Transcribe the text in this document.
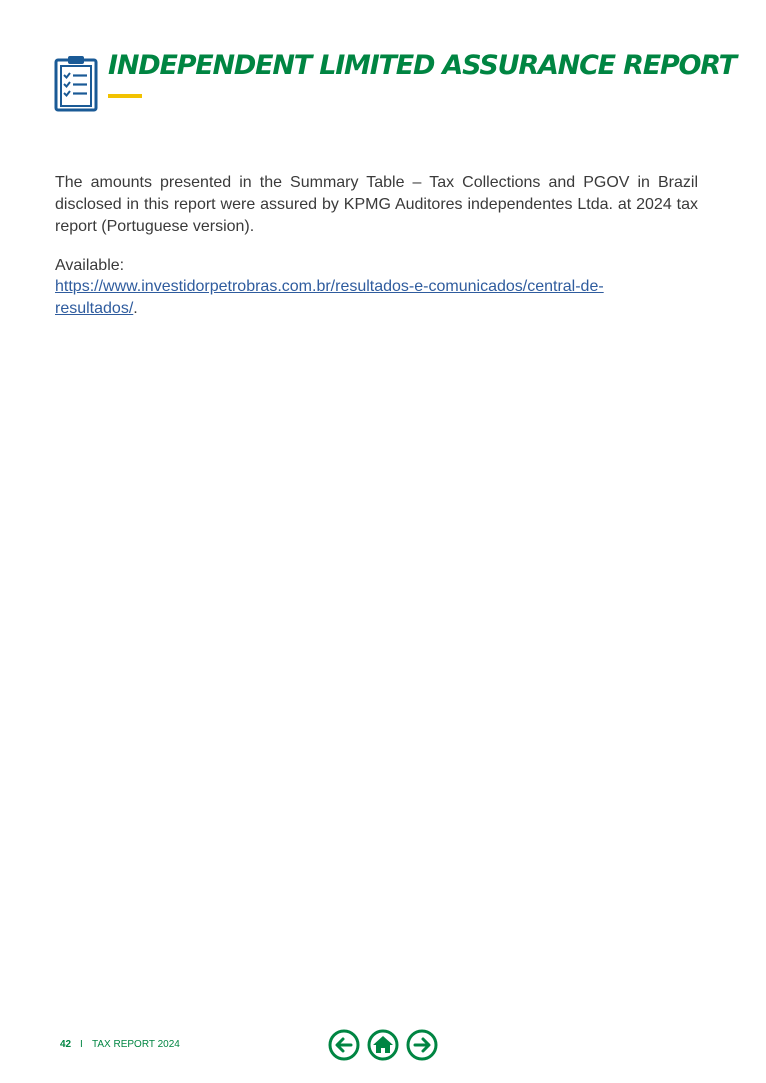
INDEPENDENT LIMITED ASSURANCE REPORT

The amounts presented in the Summary Table – Tax Collections and PGOV in Brazil disclosed in this report were assured by KPMG Auditores independentes Ltda. at 2024 tax report (Portuguese version).

Available:

https://www.investidorpetrobras.com.br/resultados-e-comunicados/central-de-resultados/.

42 I TAX REPORT 2024
